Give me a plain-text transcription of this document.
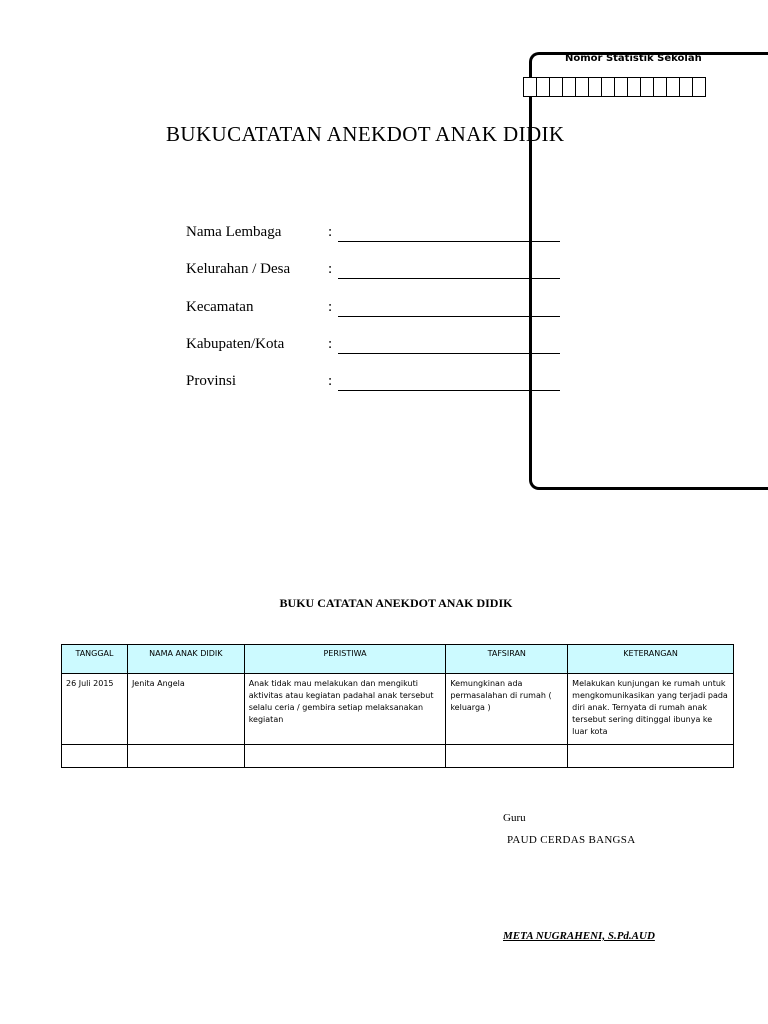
Nomor Statistik Sekolah
BUKUCATATAN ANEKDOT ANAK DIDIK
Nama Lembaga	:
Kelurahan / Desa	:
Kecamatan	:
Kabupaten/Kota	:
Provinsi	:
BUKU CATATAN ANEKDOT ANAK DIDIK
TANGGAL	NAMA ANAK DIDIK	PERISTIWA	TAFSIRAN	KETERANGAN
26 Juli 2015	Jenita Angela	Anak tidak mau melakukan dan mengikuti aktivitas atau kegiatan padahal anak tersebut selalu ceria / gembira setiap melaksanakan kegiatan	Kemungkinan ada permasalahan di rumah ( keluarga )	Melakukan kunjungan ke rumah untuk mengkomunikasikan yang terjadi pada diri anak. Ternyata di rumah anak tersebut sering ditinggal ibunya ke luar kota

Guru
PAUD CERDAS BANGSA
META NUGRAHENI, S.Pd.AUD
